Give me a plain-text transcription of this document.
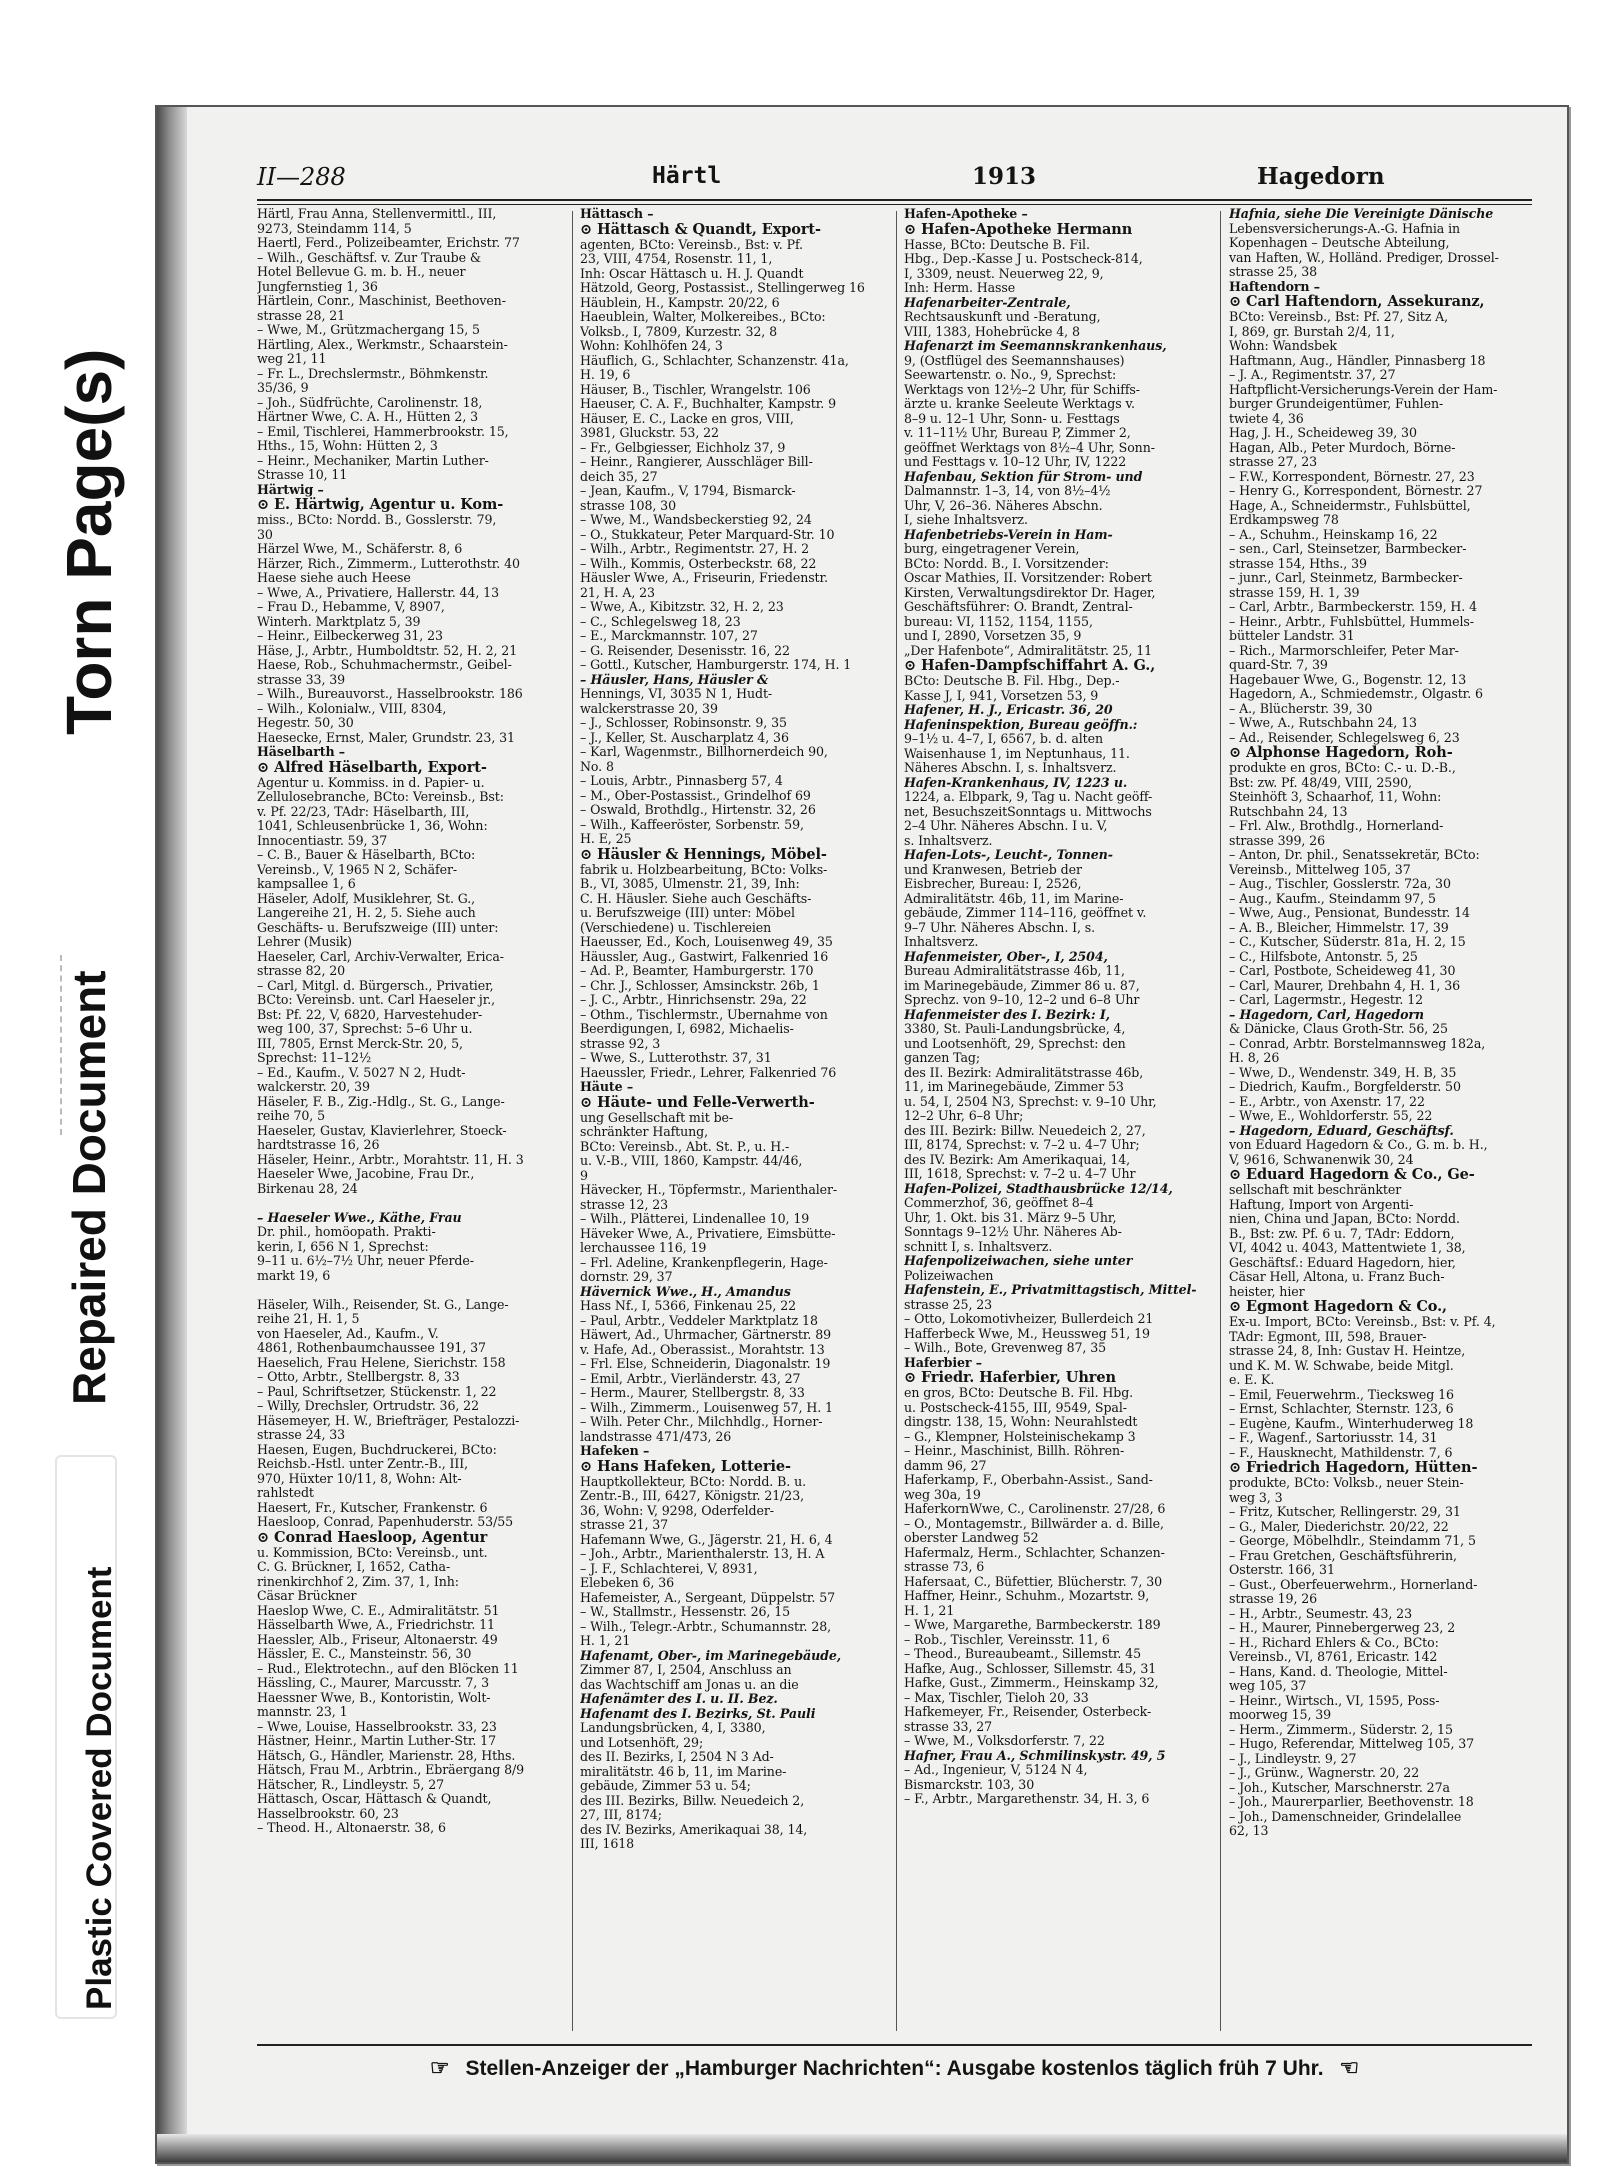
Torn Page(s)
Repaired Document
Plastic Covered Document
II—288	Härtl	1913	Hagedorn
Härtl, Frau Anna, Stellenvermittl., III,
9273, Steindamm 114, 5
Haertl, Ferd., Polizeibeamter, Erichstr. 77
– Wilh., Geschäftsf. v. Zur Traube &
Hotel Bellevue G. m. b. H., neuer
Jungfernstieg 1, 36
Härtlein, Conr., Maschinist, Beethoven-
strasse 28, 21
– Wwe, M., Grützmachergang 15, 5
Härtling, Alex., Werkmstr., Schaarstein-
weg 21, 11
– Fr. L., Drechslermstr., Böhmkenstr.
35/36, 9
– Joh., Südfrüchte, Carolinenstr. 18,
Härtner Wwe, C. A. H., Hütten 2, 3
– Emil, Tischlerei, Hammerbrookstr. 15,
Hths., 15, Wohn: Hütten 2, 3
– Heinr., Mechaniker, Martin Luther-
Strasse 10, 11
Härtwig –
⊙ E. Härtwig, Agentur u. Kom-
miss., BCto: Nordd. B., Gosslerstr. 79,
30
Härzel Wwe, M., Schäferstr. 8, 6
Härzer, Rich., Zimmerm., Lutterothstr. 40
Haese siehe auch Heese
– Wwe, A., Privatiere, Hallerstr. 44, 13
– Frau D., Hebamme, V, 8907,
Winterh. Marktplatz 5, 39
– Heinr., Eilbeckerweg 31, 23
Häse, J., Arbtr., Humboldtstr. 52, H. 2, 21
Haese, Rob., Schuhmachermstr., Geibel-
strasse 33, 39
– Wilh., Bureauvorst., Hasselbrookstr. 186
– Wilh., Kolonialw., VIII, 8304,
Hegestr. 50, 30
Haesecke, Ernst, Maler, Grundstr. 23, 31
Häselbarth –
⊙ Alfred Häselbarth, Export-
Agentur u. Kommiss. in d. Papier- u.
Zellulosebranche, BCto: Vereinsb., Bst:
v. Pf. 22/23, TAdr: Häselbarth, III,
1041, Schleusenbrücke 1, 36, Wohn:
Innocentiastr. 59, 37
– C. B., Bauer & Häselbarth, BCto:
Vereinsb., V, 1965 N 2, Schäfer-
kampsallee 1, 6
Häseler, Adolf, Musiklehrer, St. G.,
Langereihe 21, H. 2, 5. Siehe auch
Geschäfts- u. Berufszweige (III) unter:
Lehrer (Musik)
Haeseler, Carl, Archiv-Verwalter, Erica-
strasse 82, 20
– Carl, Mitgl. d. Bürgersch., Privatier,
BCto: Vereinsb. unt. Carl Haeseler jr.,
Bst: Pf. 22, V, 6820, Harvestehuder-
weg 100, 37, Sprechst: 5–6 Uhr u.
III, 7805, Ernst Merck-Str. 20, 5,
Sprechst: 11–12½
– Ed., Kaufm., V. 5027 N 2, Hudt-
walckerstr. 20, 39
Häseler, F. B., Zig.-Hdlg., St. G., Lange-
reihe 70, 5
Haeseler, Gustav, Klavierlehrer, Stoeck-
hardtstrasse 16, 26
Häseler, Heinr., Arbtr., Morahtstr. 11, H. 3
Haeseler Wwe, Jacobine, Frau Dr.,
Birkenau 28, 24

– Haeseler Wwe., Käthe, Frau
Dr. phil., homöopath. Prakti-
kerin, I, 656 N 1, Sprechst:
9–11 u. 6½–7½ Uhr, neuer Pferde-
markt 19, 6

Häseler, Wilh., Reisender, St. G., Lange-
reihe 21, H. 1, 5
von Haeseler, Ad., Kaufm., V.
4861, Rothenbaumchaussee 191, 37
Haeselich, Frau Helene, Sierichstr. 158
– Otto, Arbtr., Stellbergstr. 8, 33
– Paul, Schriftsetzer, Stückenstr. 1, 22
– Willy, Drechsler, Ortrudstr. 36, 22
Häsemeyer, H. W., Briefträger, Pestalozzi-
strasse 24, 33
Haesen, Eugen, Buchdruckerei, BCto:
Reichsb.-Hstl. unter Zentr.-B., III,
970, Hüxter 10/11, 8, Wohn: Alt-
rahlstedt
Haesert, Fr., Kutscher, Frankenstr. 6
Haesloop, Conrad, Papenhuderstr. 53/55
⊙ Conrad Haesloop, Agentur
u. Kommission, BCto: Vereinsb., unt.
C. G. Brückner, I, 1652, Catha-
rinenkirchhof 2, Zim. 37, 1, Inh:
Cäsar Brückner
Haeslop Wwe, C. E., Admiralitätstr. 51
Hässelbarth Wwe, A., Friedrichstr. 11
Haessler, Alb., Friseur, Altonaerstr. 49
Hässler, E. C., Mansteinstr. 56, 30
– Rud., Elektrotechn., auf den Blöcken 11
Hässling, C., Maurer, Marcusstr. 7, 3
Haessner Wwe, B., Kontoristin, Wolt-
mannstr. 23, 1
– Wwe, Louise, Hasselbrookstr. 33, 23
Hästner, Heinr., Martin Luther-Str. 17
Hätsch, G., Händler, Marienstr. 28, Hths.
Hätsch, Frau M., Arbtrin., Ebräergang 8/9
Hätscher, R., Lindleystr. 5, 27
Hättasch, Oscar, Hättasch & Quandt,
Hasselbrookstr. 60, 23
– Theod. H., Altonaerstr. 38, 6
Hättasch –
⊙ Hättasch & Quandt, Export-
agenten, BCto: Vereinsb., Bst: v. Pf.
23, VIII, 4754, Rosenstr. 11, 1,
Inh: Oscar Hättasch u. H. J. Quandt
Hätzold, Georg, Postassist., Stellingerweg 16
Häublein, H., Kampstr. 20/22, 6
Haeublein, Walter, Molkereibes., BCto:
Volksb., I, 7809, Kurzestr. 32, 8
Wohn: Kohlhöfen 24, 3
Häuflich, G., Schlachter, Schanzenstr. 41a,
H. 19, 6
Häuser, B., Tischler, Wrangelstr. 106
Haeuser, C. A. F., Buchhalter, Kampstr. 9
Häuser, E. C., Lacke en gros, VIII,
3981, Gluckstr. 53, 22
– Fr., Gelbgiesser, Eichholz 37, 9
– Heinr., Rangierer, Ausschläger Bill-
deich 35, 27
– Jean, Kaufm., V, 1794, Bismarck-
strasse 108, 30
– Wwe, M., Wandsbeckerstieg 92, 24
– O., Stukkateur, Peter Marquard-Str. 10
– Wilh., Arbtr., Regimentstr. 27, H. 2
– Wilh., Kommis, Osterbeckstr. 68, 22
Häusler Wwe, A., Friseurin, Friedenstr.
21, H. A, 23
– Wwe, A., Kibitzstr. 32, H. 2, 23
– C., Schlegelsweg 18, 23
– E., Marckmannstr. 107, 27
– G. Reisender, Desenisstr. 16, 22
– Gottl., Kutscher, Hamburgerstr. 174, H. 1
– Häusler, Hans, Häusler &
Hennings, VI, 3035 N 1, Hudt-
walckerstrasse 20, 39
– J., Schlosser, Robinsonstr. 9, 35
– J., Keller, St. Auscharplatz 4, 36
– Karl, Wagenmstr., Billhornerdeich 90,
No. 8
– Louis, Arbtr., Pinnasberg 57, 4
– M., Ober-Postassist., Grindelhof 69
– Oswald, Brothdlg., Hirtenstr. 32, 26
– Wilh., Kaffeeröster, Sorbenstr. 59,
H. E, 25
⊙ Häusler & Hennings, Möbel-
fabrik u. Holzbearbeitung, BCto: Volks-
B., VI, 3085, Ulmenstr. 21, 39, Inh:
C. H. Häusler. Siehe auch Geschäfts-
u. Berufszweige (III) unter: Möbel
(Verschiedene) u. Tischlereien
Haeusser, Ed., Koch, Louisenweg 49, 35
Häussler, Aug., Gastwirt, Falkenried 16
– Ad. P., Beamter, Hamburgerstr. 170
– Chr. J., Schlosser, Amsinckstr. 26b, 1
– J. C., Arbtr., Hinrichsenstr. 29a, 22
– Othm., Tischlermstr., Übernahme von
Beerdigungen, I, 6982, Michaelis-
strasse 92, 3
– Wwe, S., Lutterothstr. 37, 31
Haeussler, Friedr., Lehrer, Falkenried 76
Häute –
⊙ Häute- und Felle-Verwerth-
ung Gesellschaft mit be-
schränkter Haftung,
BCto: Vereinsb., Abt. St. P., u. H.-
u. V.-B., VIII, 1860, Kampstr. 44/46,
9
Hävecker, H., Töpfermstr., Marienthaler-
strasse 12, 23
– Wilh., Plätterei, Lindenallee 10, 19
Häveker Wwe, A., Privatiere, Eimsbütte-
lerchaussee 116, 19
– Frl. Adeline, Krankenpflegerin, Hage-
dornstr. 29, 37
Hävernick Wwe., H., Amandus
Hass Nf., I, 5366, Finkenau 25, 22
– Paul, Arbtr., Veddeler Marktplatz 18
Häwert, Ad., Uhrmacher, Gärtnerstr. 89
v. Hafe, Ad., Oberassist., Morahtstr. 13
– Frl. Else, Schneiderin, Diagonalstr. 19
– Emil, Arbtr., Vierländerstr. 43, 27
– Herm., Maurer, Stellbergstr. 8, 33
– Wilh., Zimmerm., Louisenweg 57, H. 1
– Wilh. Peter Chr., Milchhdlg., Horner-
landstrasse 471/473, 26
Hafeken –
⊙ Hans Hafeken, Lotterie-
Hauptkollekteur, BCto: Nordd. B. u.
Zentr.-B., III, 6427, Königstr. 21/23,
36, Wohn: V, 9298, Oderfelder-
strasse 21, 37
Hafemann Wwe, G., Jägerstr. 21, H. 6, 4
– Joh., Arbtr., Marienthalerstr. 13, H. A
– J. F., Schlachterei, V, 8931,
Elebeken 6, 36
Hafemeister, A., Sergeant, Düppelstr. 57
– W., Stallmstr., Hessenstr. 26, 15
– Wilh., Telegr.-Arbtr., Schumannstr. 28,
H. 1, 21
Hafenamt, Ober-, im Marinegebäude,
Zimmer 87, I, 2504, Anschluss an
das Wachtschiff am Jonas u. an die
Hafenämter des I. u. II. Bez.
Hafenamt des I. Bezirks, St. Pauli
Landungsbrücken, 4, I, 3380,
und Lotsenhöft, 29;
des II. Bezirks, I, 2504 N 3 Ad-
miralitätstr. 46 b, 11, im Marine-
gebäude, Zimmer 53 u. 54;
des III. Bezirks, Billw. Neuedeich 2,
27, III, 8174;
des IV. Bezirks, Amerikaquai 38, 14,
III, 1618
Hafen-Apotheke –
⊙ Hafen-Apotheke Hermann
Hasse, BCto: Deutsche B. Fil.
Hbg., Dep.-Kasse J u. Postscheck-814,
I, 3309, neust. Neuerweg 22, 9,
Inh: Herm. Hasse
Hafenarbeiter-Zentrale,
Rechtsauskunft und -Beratung,
VIII, 1383, Hohebrücke 4, 8
Hafenarzt im Seemannskrankenhaus,
9, (Ostflügel des Seemannshauses)
Seewartenstr. o. No., 9, Sprechst:
Werktags von 12½–2 Uhr, für Schiffs-
ärzte u. kranke Seeleute Werktags v.
8–9 u. 12–1 Uhr, Sonn- u. Festtags
v. 11–11½ Uhr, Bureau P, Zimmer 2,
geöffnet Werktags von 8½–4 Uhr, Sonn-
und Festtags v. 10–12 Uhr, IV, 1222
Hafenbau, Sektion für Strom- und
Dalmannstr. 1–3, 14, von 8½–4½
Uhr, V, 26–36. Näheres Abschn.
I, siehe Inhaltsverz.
Hafenbetriebs-Verein in Ham-
burg, eingetragener Verein,
BCto: Nordd. B., I. Vorsitzender:
Oscar Mathies, II. Vorsitzender: Robert
Kirsten, Verwaltungsdirektor Dr. Hager,
Geschäftsführer: O. Brandt, Zentral-
bureau: VI, 1152, 1154, 1155,
und I, 2890, Vorsetzen 35, 9
„Der Hafenbote“, Admiralitätstr. 25, 11
⊙ Hafen-Dampfschiffahrt A. G.,
BCto: Deutsche B. Fil. Hbg., Dep.-
Kasse J, I, 941, Vorsetzen 53, 9
Hafener, H. J., Ericastr. 36, 20
Hafeninspektion, Bureau geöffn.:
9–1½ u. 4–7, I, 6567, b. d. alten
Waisenhause 1, im Neptunhaus, 11.
Näheres Abschn. I, s. Inhaltsverz.
Hafen-Krankenhaus, IV, 1223 u.
1224, a. Elbpark, 9, Tag u. Nacht geöff-
net, BesuchszeitSonntags u. Mittwochs
2–4 Uhr. Näheres Abschn. I u. V,
s. Inhaltsverz.
Hafen-Lots-, Leucht-, Tonnen-
und Kranwesen, Betrieb der
Eisbrecher, Bureau: I, 2526,
Admiralitätstr. 46b, 11, im Marine-
gebäude, Zimmer 114–116, geöffnet v.
9–7 Uhr. Näheres Abschn. I, s.
Inhaltsverz.
Hafenmeister, Ober-, I, 2504,
Bureau Admiralitätstrasse 46b, 11,
im Marinegebäude, Zimmer 86 u. 87,
Sprechz. von 9–10, 12–2 und 6–8 Uhr
Hafenmeister des I. Bezirk: I,
3380, St. Pauli-Landungsbrücke, 4,
und Lootsenhöft, 29, Sprechst: den
ganzen Tag;
des II. Bezirk: Admiralitätstrasse 46b,
11, im Marinegebäude, Zimmer 53
u. 54, I, 2504 N3, Sprechst: v. 9–10 Uhr,
12–2 Uhr, 6–8 Uhr;
des III. Bezirk: Billw. Neuedeich 2, 27,
III, 8174, Sprechst: v. 7–2 u. 4–7 Uhr;
des IV. Bezirk: Am Amerikaquai, 14,
III, 1618, Sprechst: v. 7–2 u. 4–7 Uhr
Hafen-Polizei, Stadthausbrücke 12/14,
Commerzhof, 36, geöffnet 8–4
Uhr, 1. Okt. bis 31. März 9–5 Uhr,
Sonntags 9–12½ Uhr. Näheres Ab-
schnitt I, s. Inhaltsverz.
Hafenpolizeiwachen, siehe unter
Polizeiwachen
Hafenstein, E., Privatmittagstisch, Mittel-
strasse 25, 23
– Otto, Lokomotivheizer, Bullerdeich 21
Hafferbeck Wwe, M., Heussweg 51, 19
– Wilh., Bote, Grevenweg 87, 35
Haferbier –
⊙ Friedr. Haferbier, Uhren
en gros, BCto: Deutsche B. Fil. Hbg.
u. Postscheck-4155, III, 9549, Spal-
dingstr. 138, 15, Wohn: Neurahlstedt
– G., Klempner, Holsteinischekamp 3
– Heinr., Maschinist, Billh. Röhren-
damm 96, 27
Haferkamp, F., Oberbahn-Assist., Sand-
weg 30a, 19
HaferkornWwe, C., Carolinenstr. 27/28, 6
– O., Montagemstr., Billwärder a. d. Bille,
oberster Landweg 52
Hafermalz, Herm., Schlachter, Schanzen-
strasse 73, 6
Hafersaat, C., Büfettier, Blücherstr. 7, 30
Haffner, Heinr., Schuhm., Mozartstr. 9,
H. 1, 21
– Wwe, Margarethe, Barmbeckerstr. 189
– Rob., Tischler, Vereinsstr. 11, 6
– Theod., Bureaubeamt., Sillemstr. 45
Hafke, Aug., Schlosser, Sillemstr. 45, 31
Hafke, Gust., Zimmerm., Heinskamp 32,
– Max, Tischler, Tieloh 20, 33
Hafkemeyer, Fr., Reisender, Osterbeck-
strasse 33, 27
– Wwe, M., Volksdorferstr. 7, 22
Hafner, Frau A., Schmilinskystr. 49, 5
– Ad., Ingenieur, V, 5124 N 4,
Bismarckstr. 103, 30
– F., Arbtr., Margarethenstr. 34, H. 3, 6
Hafnia, siehe Die Vereinigte Dänische
Lebensversicherungs-A.-G. Hafnia in
Kopenhagen – Deutsche Abteilung,
van Haften, W., Holländ. Prediger, Drossel-
strasse 25, 38
Haftendorn –
⊙ Carl Haftendorn, Assekuranz,
BCto: Vereinsb., Bst: Pf. 27, Sitz A,
I, 869, gr. Burstah 2/4, 11,
Wohn: Wandsbek
Haftmann, Aug., Händler, Pinnasberg 18
– J. A., Regimentstr. 37, 27
Haftpflicht-Versicherungs-Verein der Ham-
burger Grundeigentümer, Fuhlen-
twiete 4, 36
Hag, J. H., Scheideweg 39, 30
Hagan, Alb., Peter Murdoch, Börne-
strasse 27, 23
– F.W., Korrespondent, Börnestr. 27, 23
– Henry G., Korrespondent, Börnestr. 27
Hage, A., Schneidermstr., Fuhlsbüttel,
Erdkampsweg 78
– A., Schuhm., Heinskamp 16, 22
– sen., Carl, Steinsetzer, Barmbecker-
strasse 154, Hths., 39
– junr., Carl, Steinmetz, Barmbecker-
strasse 159, H. 1, 39
– Carl, Arbtr., Barmbeckerstr. 159, H. 4
– Heinr., Arbtr., Fuhlsbüttel, Hummels-
bütteler Landstr. 31
– Rich., Marmorschleifer, Peter Mar-
quard-Str. 7, 39
Hagebauer Wwe, G., Bogenstr. 12, 13
Hagedorn, A., Schmiedemstr., Olgastr. 6
– A., Blücherstr. 39, 30
– Wwe, A., Rutschbahn 24, 13
– Ad., Reisender, Schlegelsweg 6, 23
⊙ Alphonse Hagedorn, Roh-
produkte en gros, BCto: C.- u. D.-B.,
Bst: zw. Pf. 48/49, VIII, 2590,
Steinhöft 3, Schaarhof, 11, Wohn:
Rutschbahn 24, 13
– Frl. Alw., Brothdlg., Hornerland-
strasse 399, 26
– Anton, Dr. phil., Senatssekretär, BCto:
Vereinsb., Mittelweg 105, 37
– Aug., Tischler, Gosslerstr. 72a, 30
– Aug., Kaufm., Steindamm 97, 5
– Wwe, Aug., Pensionat, Bundesstr. 14
– A. B., Bleicher, Himmelstr. 17, 39
– C., Kutscher, Süderstr. 81a, H. 2, 15
– C., Hilfsbote, Antonstr. 5, 25
– Carl, Postbote, Scheideweg 41, 30
– Carl, Maurer, Drehbahn 4, H. 1, 36
– Carl, Lagermstr., Hegestr. 12
– Hagedorn, Carl, Hagedorn
& Dänicke, Claus Groth-Str. 56, 25
– Conrad, Arbtr. Borstelmannsweg 182a,
H. 8, 26
– Wwe, D., Wendenstr. 349, H. B, 35
– Diedrich, Kaufm., Borgfelderstr. 50
– E., Arbtr., von Axenstr. 17, 22
– Wwe, E., Wohldorferstr. 55, 22
– Hagedorn, Eduard, Geschäftsf.
von Eduard Hagedorn & Co., G. m. b. H.,
V, 9616, Schwanenwik 30, 24
⊙ Eduard Hagedorn & Co., Ge-
sellschaft mit beschränkter
Haftung, Import von Argenti-
nien, China und Japan, BCto: Nordd.
B., Bst: zw. Pf. 6 u. 7, TAdr: Eddorn,
VI, 4042 u. 4043, Mattentwiete 1, 38,
Geschäftsf.: Eduard Hagedorn, hier,
Cäsar Hell, Altona, u. Franz Buch-
heister, hier
⊙ Egmont Hagedorn & Co.,
Ex-u. Import, BCto: Vereinsb., Bst: v. Pf. 4,
TAdr: Egmont, III, 598, Brauer-
strasse 24, 8, Inh: Gustav H. Heintze,
und K. M. W. Schwabe, beide Mitgl.
e. E. K.
– Emil, Feuerwehrm., Tiecksweg 16
– Ernst, Schlachter, Sternstr. 123, 6
– Eugène, Kaufm., Winterhuderweg 18
– F., Wagenf., Sartoriusstr. 14, 31
– F., Hausknecht, Mathildenstr. 7, 6
⊙ Friedrich Hagedorn, Hütten-
produkte, BCto: Volksb., neuer Stein-
weg 3, 3
– Fritz, Kutscher, Rellingerstr. 29, 31
– G., Maler, Diederichstr. 20/22, 22
– George, Möbelhdlr., Steindamm 71, 5
– Frau Gretchen, Geschäftsführerin,
Osterstr. 166, 31
– Gust., Oberfeuerwehrm., Hornerland-
strasse 19, 26
– H., Arbtr., Seumestr. 43, 23
– H., Maurer, Pinnebergerweg 23, 2
– H., Richard Ehlers & Co., BCto:
Vereinsb., VI, 8761, Ericastr. 142
– Hans, Kand. d. Theologie, Mittel-
weg 105, 37
– Heinr., Wirtsch., VI, 1595, Poss-
moorweg 15, 39
– Herm., Zimmerm., Süderstr. 2, 15
– Hugo, Referendar, Mittelweg 105, 37
– J., Lindleystr. 9, 27
– J., Grünw., Wagnerstr. 20, 22
– Joh., Kutscher, Marschnerstr. 27a
– Joh., Maurerparlier, Beethovenstr. 18
– Joh., Damenschneider, Grindelallee
62, 13
☞ Stellen-Anzeiger der „Hamburger Nachrichten“: Ausgabe kostenlos täglich früh 7 Uhr. ☜
